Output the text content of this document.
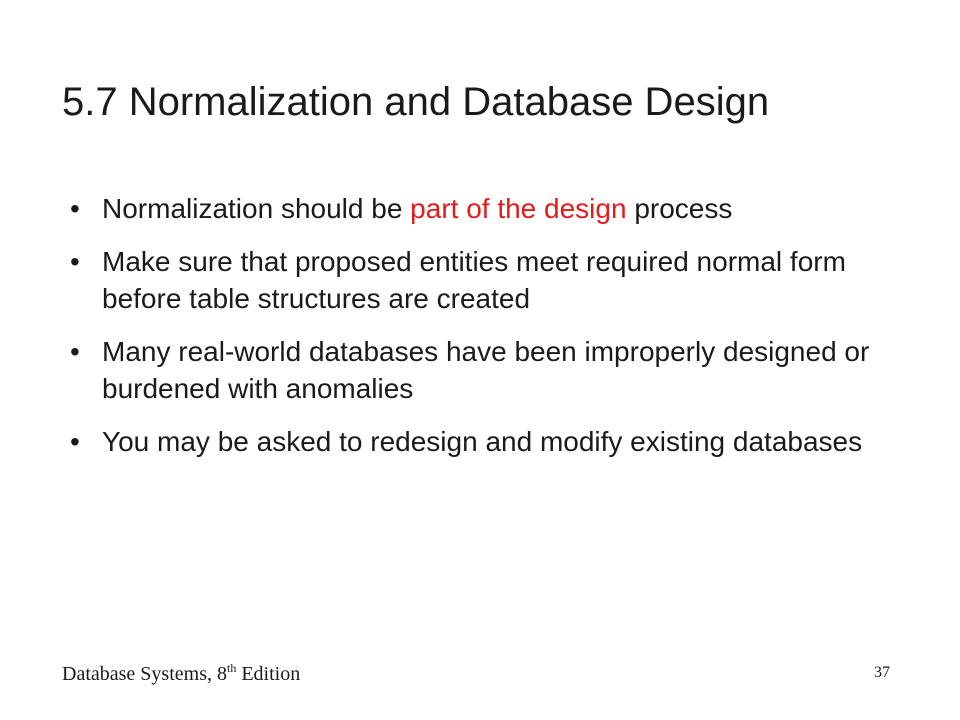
5.7 Normalization and Database Design
• Normalization should be part of the design process
• Make sure that proposed entities meet required normal form before table structures are created
• Many real-world databases have been improperly designed or burdened with anomalies
• You may be asked to redesign and modify existing databases
Database Systems, 8th Edition	37
